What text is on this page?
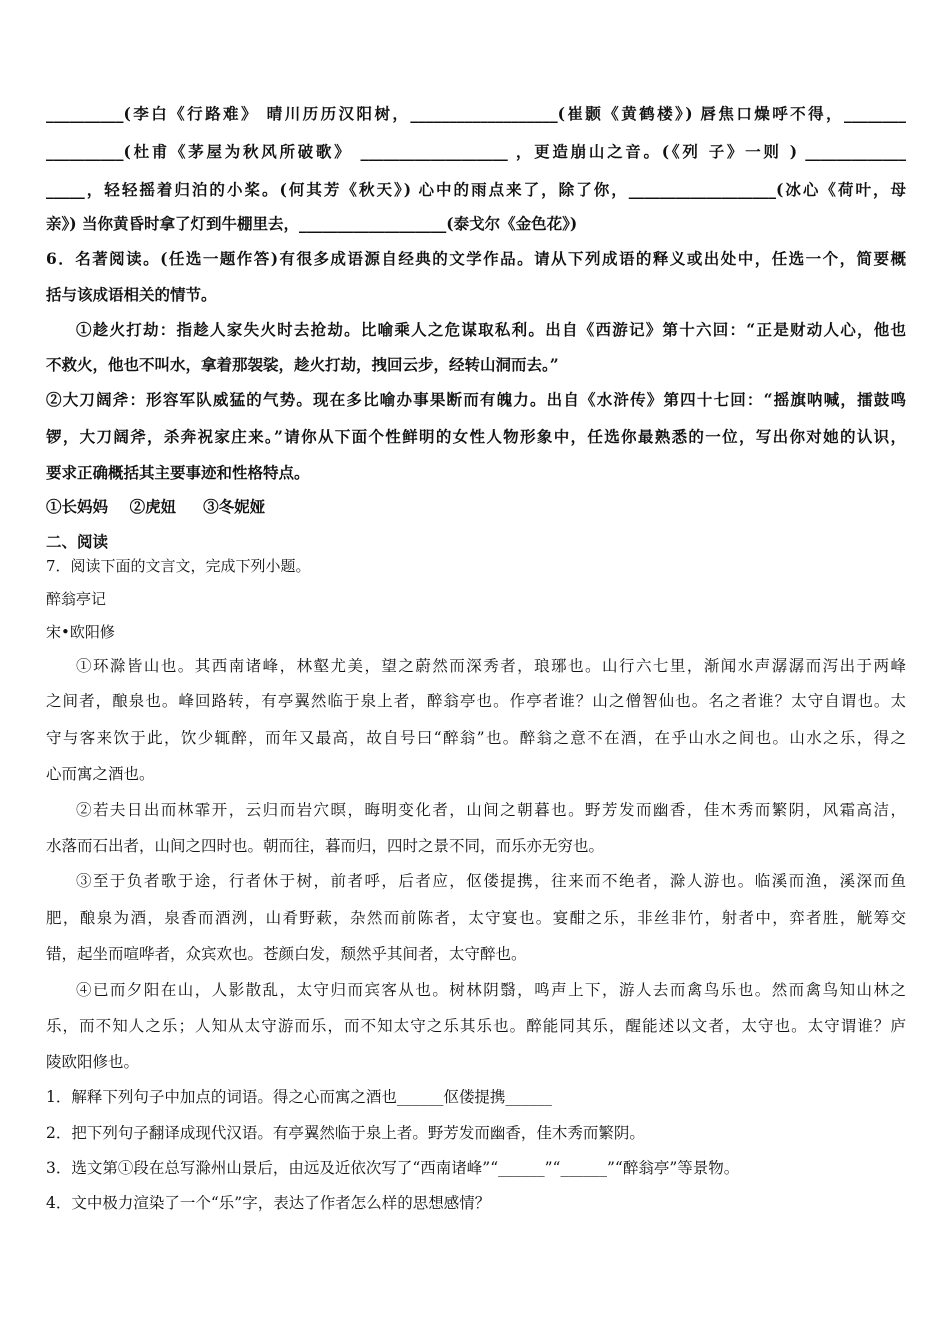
__________(李白《行路难》 晴川历历汉阳树，___________________(崔颢《黄鹤楼》) 唇焦口燥呼不得，________
__________(杜甫《茅屋为秋风所破歌》 ___________________ ，更造崩山之音。(《列 子》一则 ) _____________
_____，轻轻摇着归泊的小桨。(何其芳《秋天》) 心中的雨点来了，除了你，___________________(冰心《荷叶，母
亲》) 当你黄昏时拿了灯到牛棚里去，___________________(泰戈尔《金色花》)
6．名著阅读。(任选一题作答)有很多成语源自经典的文学作品。请从下列成语的释义或出处中，任选一个，简要概
括与该成语相关的情节。
①趁火打劫：指趁人家失火时去抢劫。比喻乘人之危谋取私利。出自《西游记》第十六回：“正是财动人心，他也
不救火，他也不叫水，拿着那袈裟，趁火打劫，拽回云步，经转山洞而去。”
②大刀阔斧：形容军队威猛的气势。现在多比喻办事果断而有魄力。出自《水浒传》第四十七回：“摇旗呐喊，擂鼓鸣
锣，大刀阔斧，杀奔祝家庄来。”请你从下面个性鲜明的女性人物形象中，任选你最熟悉的一位，写出你对她的认识，
要求正确概括其主要事迹和性格特点。
①长妈妈    ②虎妞     ③冬妮娅
二、阅读
7．阅读下面的文言文，完成下列小题。
醉翁亭记
宋•欧阳修
①环滁皆山也。其西南诸峰，林壑尤美，望之蔚然而深秀者，琅琊也。山行六七里，渐闻水声潺潺而泻出于两峰
之间者，酿泉也。峰回路转，有亭翼然临于泉上者，醉翁亭也。作亭者谁？山之僧智仙也。名之者谁？太守自谓也。太
守与客来饮于此，饮少辄醉，而年又最高，故自号曰“醉翁”也。醉翁之意不在酒，在乎山水之间也。山水之乐，得之
心而寓之酒也。
②若夫日出而林霏开，云归而岩穴暝，晦明变化者，山间之朝暮也。野芳发而幽香，佳木秀而繁阴，风霜高洁，
水落而石出者，山间之四时也。朝而往，暮而归，四时之景不同，而乐亦无穷也。
③至于负者歌于途，行者休于树，前者呼，后者应，伛偻提携，往来而不绝者，滁人游也。临溪而渔，溪深而鱼
肥，酿泉为酒，泉香而酒洌，山肴野蔌，杂然而前陈者，太守宴也。宴酣之乐，非丝非竹，射者中，弈者胜，觥筹交
错，起坐而喧哗者，众宾欢也。苍颜白发，颓然乎其间者，太守醉也。
④已而夕阳在山，人影散乱，太守归而宾客从也。树林阴翳，鸣声上下，游人去而禽鸟乐也。然而禽鸟知山林之
乐，而不知人之乐；人知从太守游而乐，而不知太守之乐其乐也。醉能同其乐，醒能述以文者，太守也。太守谓谁？庐
陵欧阳修也。
1．解释下列句子中加点的词语。得之心而寓之酒也______伛偻提携______
2．把下列句子翻译成现代汉语。有亭翼然临于泉上者。野芳发而幽香，佳木秀而繁阴。
3．选文第①段在总写滁州山景后，由远及近依次写了“西南诸峰”“______”“______”“醉翁亭”等景物。
4．文中极力渲染了一个“乐”字，表达了作者怎么样的思想感情？
